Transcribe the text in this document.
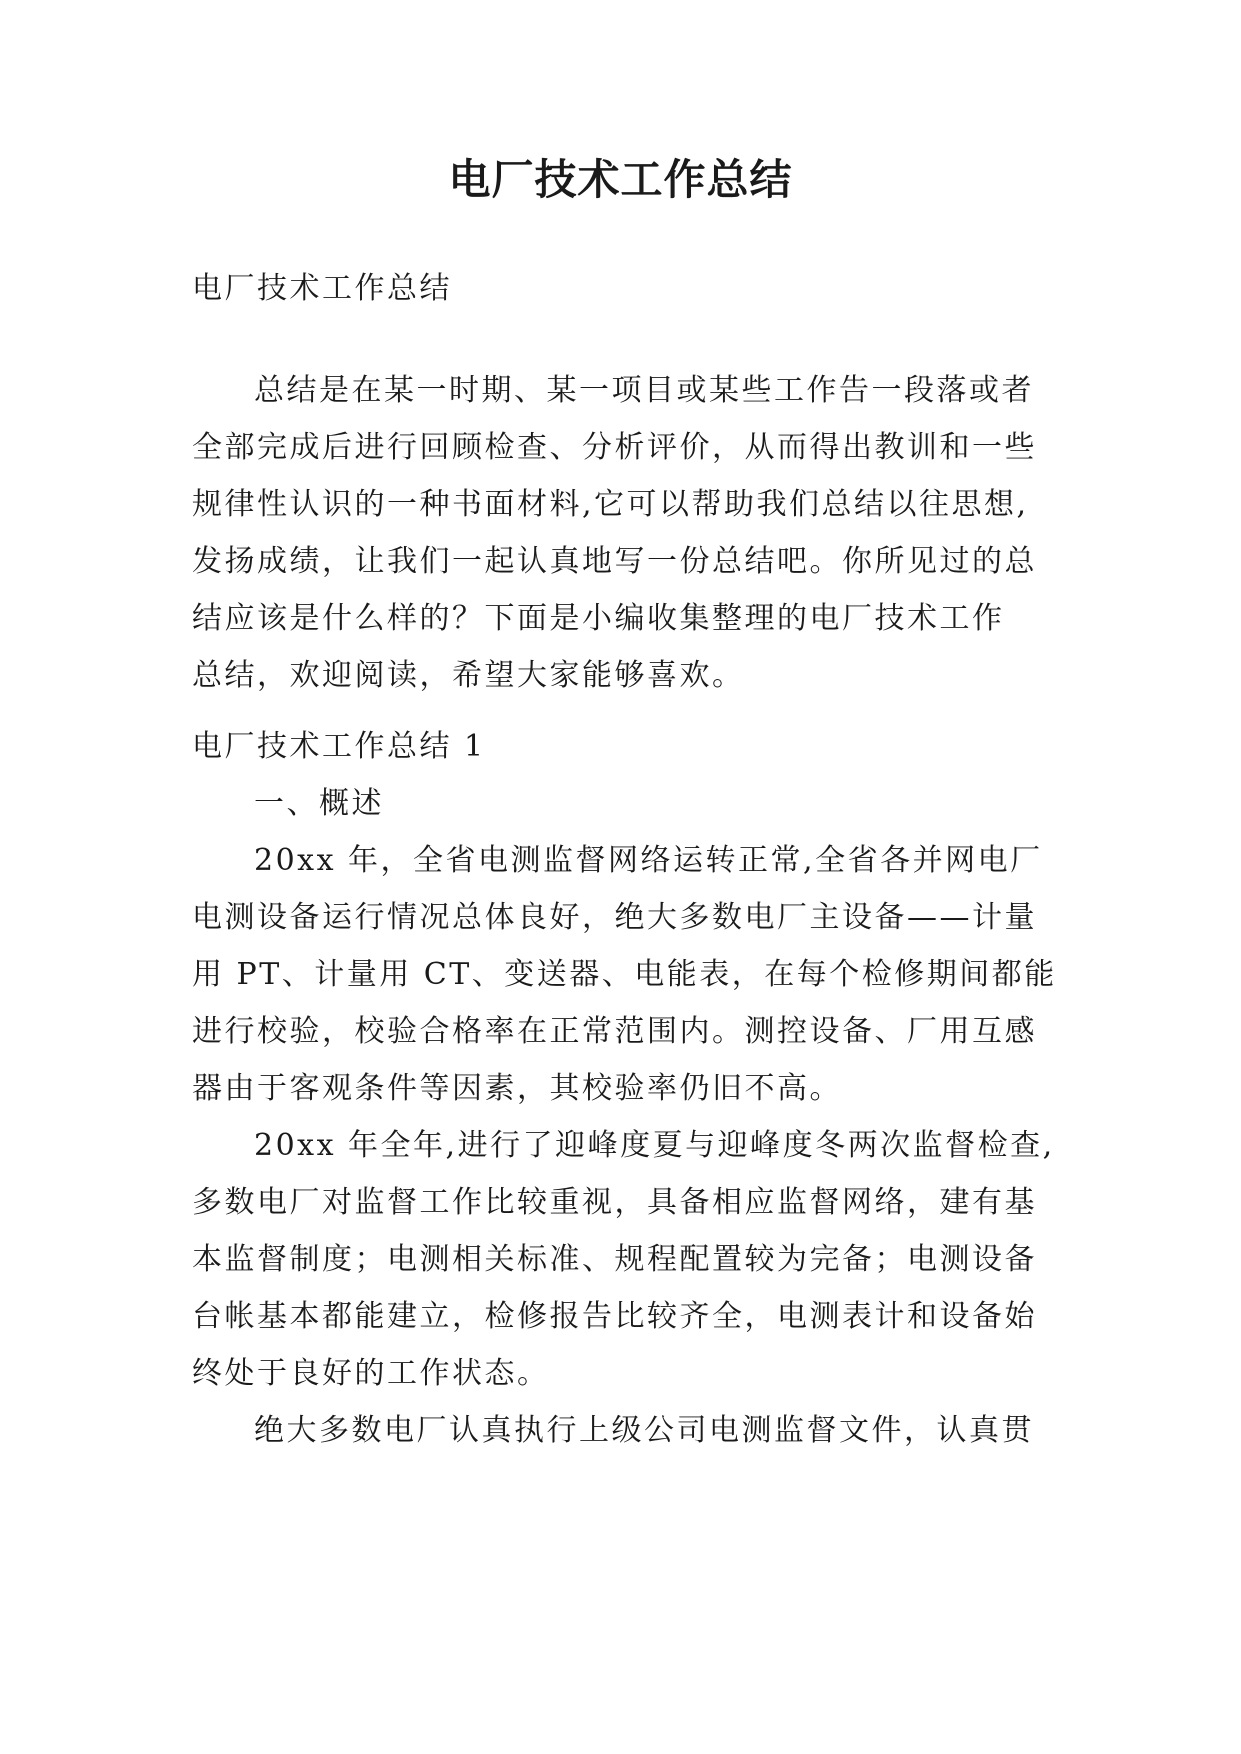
电厂技术工作总结
电厂技术工作总结
总结是在某一时期、某一项目或某些工作告一段落或者
全部完成后进行回顾检查、分析评价，从而得出教训和一些
规律性认识的一种书面材料,它可以帮助我们总结以往思想,
发扬成绩，让我们一起认真地写一份总结吧。你所见过的总
结应该是什么样的？下面是小编收集整理的电厂技术工作
总结，欢迎阅读，希望大家能够喜欢。
电厂技术工作总结 1
一、概述
20xx 年，全省电测监督网络运转正常,全省各并网电厂
电测设备运行情况总体良好，绝大多数电厂主设备——计量
用 PT、计量用 CT、变送器、电能表，在每个检修期间都能
进行校验，校验合格率在正常范围内。测控设备、厂用互感
器由于客观条件等因素，其校验率仍旧不高。
20xx 年全年,进行了迎峰度夏与迎峰度冬两次监督检查,
多数电厂对监督工作比较重视，具备相应监督网络，建有基
本监督制度；电测相关标准、规程配置较为完备；电测设备
台帐基本都能建立，检修报告比较齐全，电测表计和设备始
终处于良好的工作状态。
绝大多数电厂认真执行上级公司电测监督文件，认真贯
